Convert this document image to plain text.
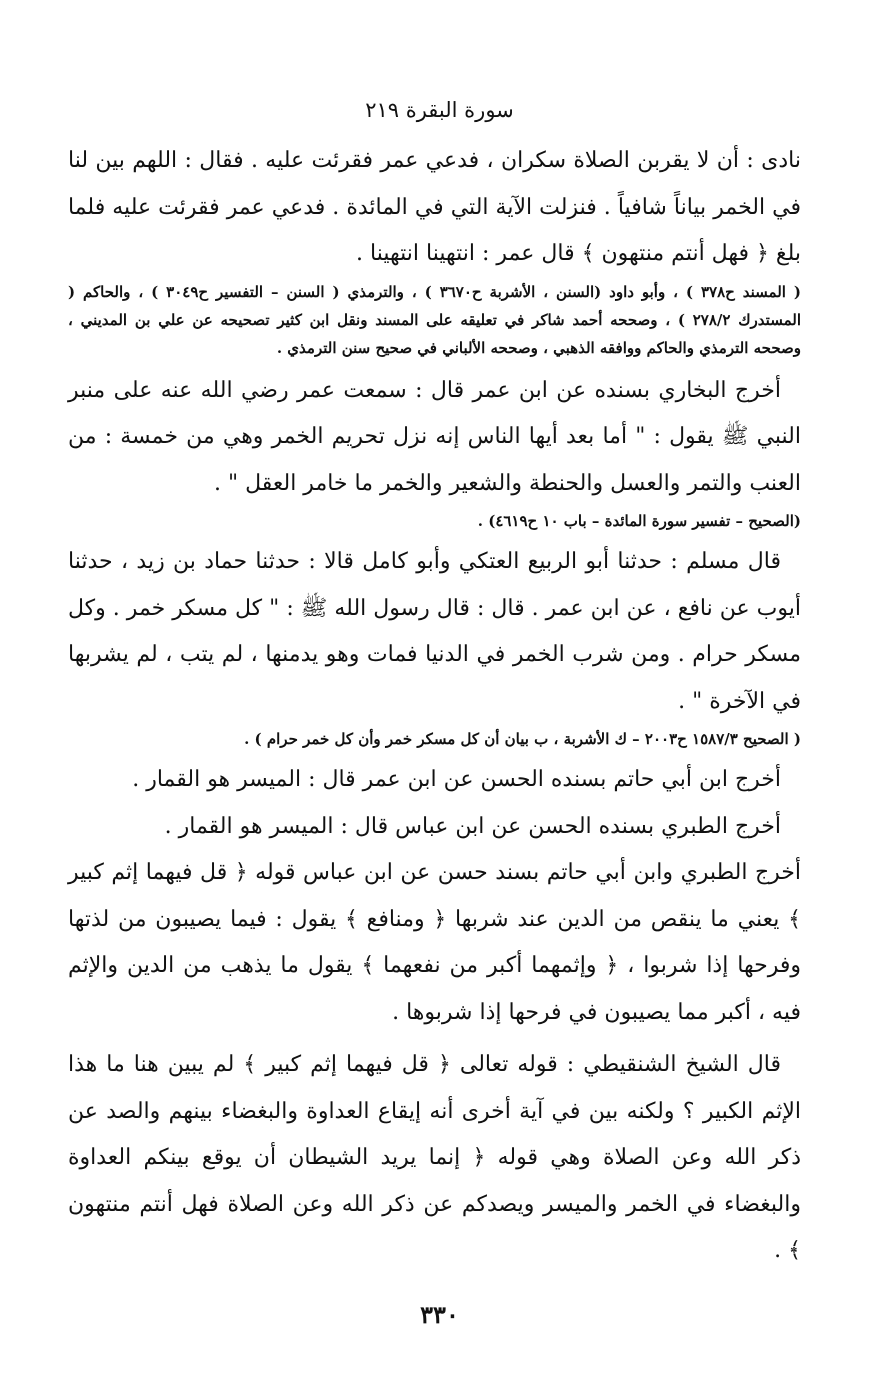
سورة البقرة ٢١٩

نادى : أن لا يقربن الصلاة سكران ، فدعي عمر فقرئت عليه . فقال : اللهم بين لنا في الخمر بياناً شافياً . فنزلت الآية التي في المائدة . فدعي عمر فقرئت عليه فلما بلغ ﴿ فهل أنتم منتهون ﴾ قال عمر : انتهينا انتهينا .

( المسند ح٣٧٨ ) ، وأبو داود (السنن ، الأشربة ح٣٦٧٠ ) ، والترمذي ( السنن – التفسير ح٣٠٤٩ ) ، والحاكم ( المستدرك ٢٧٨/٢ ) ، وصححه أحمد شاكر في تعليقه على المسند ونقل ابن كثير تصحيحه عن علي بن المديني ، وصححه الترمذي والحاكم ووافقه الذهبي ، وصححه الألباني في صحيح سنن الترمذي .

أخرج البخاري بسنده عن ابن عمر قال : سمعت عمر رضي الله عنه على منبر النبي ﷺ يقول : " أما بعد أيها الناس إنه نزل تحريم الخمر وهي من خمسة : من العنب والتمر والعسل والحنطة والشعير والخمر ما خامر العقل " .

(الصحيح – تفسير سورة المائدة – باب ١٠ ح٤٦١٩) .

قال مسلم : حدثنا أبو الربيع العتكي وأبو كامل قالا : حدثنا حماد بن زيد ، حدثنا أيوب عن نافع ، عن ابن عمر . قال : قال رسول الله ﷺ : " كل مسكر خمر . وكل مسكر حرام . ومن شرب الخمر في الدنيا فمات وهو يدمنها ، لم يتب ، لم يشربها في الآخرة " .

( الصحيح ١٥٨٧/٣ ح٢٠٠٣ – ك الأشربة ، ب بيان أن كل مسكر خمر وأن كل خمر حرام ) .

أخرج ابن أبي حاتم بسنده الحسن عن ابن عمر قال : الميسر هو القمار .

أخرج الطبري بسنده الحسن عن ابن عباس قال : الميسر هو القمار .

أخرج الطبري وابن أبي حاتم بسند حسن عن ابن عباس قوله ﴿ قل فيهما إثم كبير ﴾ يعني ما ينقص من الدين عند شربها ﴿ ومنافع ﴾ يقول : فيما يصيبون من لذتها وفرحها إذا شربوا ، ﴿ وإثمهما أكبر من نفعهما ﴾ يقول ما يذهب من الدين والإثم فيه ، أكبر مما يصيبون في فرحها إذا شربوها .

قال الشيخ الشنقيطي : قوله تعالى ﴿ قل فيهما إثم كبير ﴾ لم يبين هنا ما هذا الإثم الكبير ؟ ولكنه بين في آية أخرى أنه إيقاع العداوة والبغضاء بينهم والصد عن ذكر الله وعن الصلاة وهي قوله ﴿ إنما يريد الشيطان أن يوقع بينكم العداوة والبغضاء في الخمر والميسر ويصدكم عن ذكر الله وعن الصلاة فهل أنتم منتهون ﴾ .

٣٣٠
